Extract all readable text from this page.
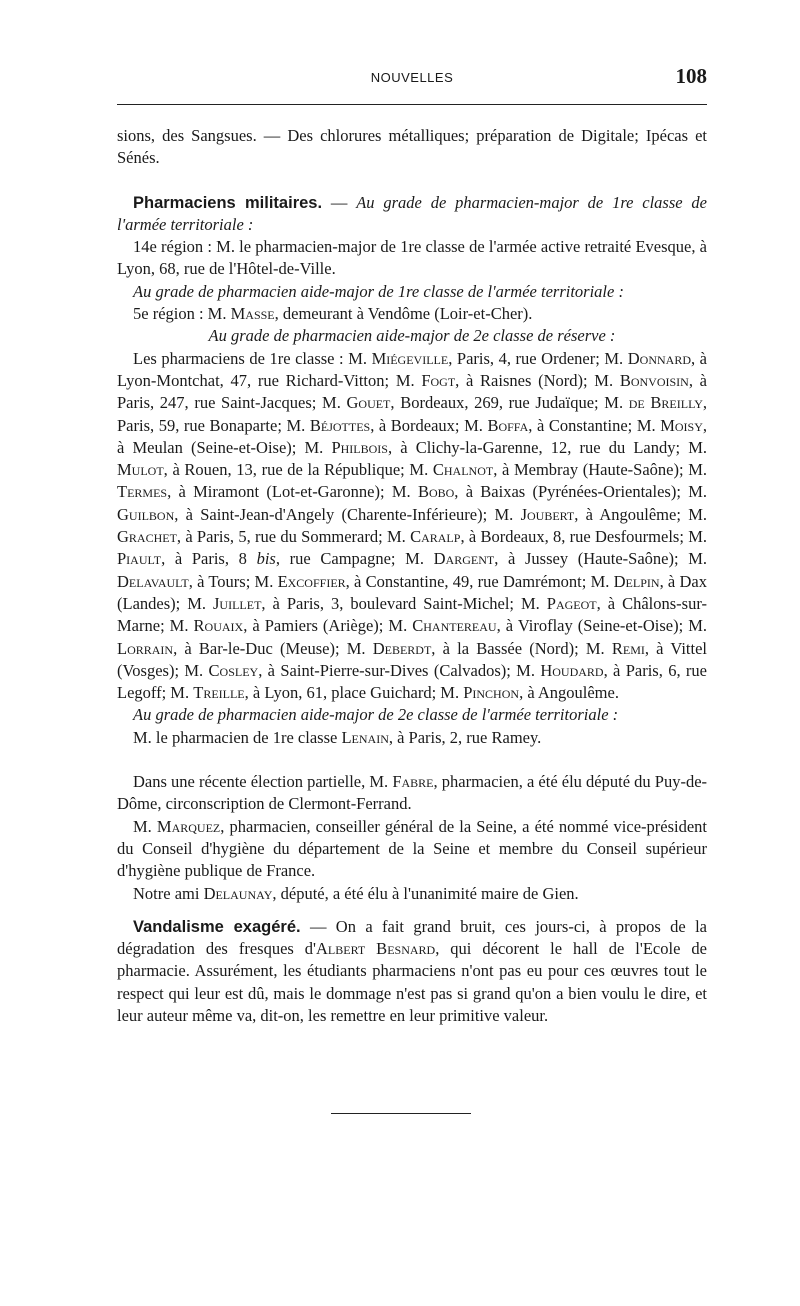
NOUVELLES	108

sions, des Sangsues. — Des chlorures métalliques; préparation de Digitale; Ipécas et Sénés.

Pharmaciens militaires. — Au grade de pharmacien-major de 1re classe de l'armée territoriale :

14e région : M. le pharmacien-major de 1re classe de l'armée active retraité Evesque, à Lyon, 68, rue de l'Hôtel-de-Ville.

Au grade de pharmacien aide-major de 1re classe de l'armée territoriale :

5e région : M. Masse, demeurant à Vendôme (Loir-et-Cher).

Au grade de pharmacien aide-major de 2e classe de réserve :

Les pharmaciens de 1re classe : M. Miégeville, Paris, 4, rue Ordener; M. Donnard, à Lyon-Montchat, 47, rue Richard-Vitton; M. Fogt, à Raisnes (Nord); M. Bonvoisin, à Paris, 247, rue Saint-Jacques; M. Gouet, Bordeaux, 269, rue Judaïque; M. de Breilly, Paris, 59, rue Bonaparte; M. Béjottes, à Bordeaux; M. Boffa, à Constantine; M. Moisy, à Meulan (Seine-et-Oise); M. Philbois, à Clichy-la-Garenne, 12, rue du Landy; M. Mulot, à Rouen, 13, rue de la République; M. Chalnot, à Membray (Haute-Saône); M. Termes, à Miramont (Lot-et-Garonne); M. Bobo, à Baixas (Pyrénées-Orientales); M. Guilbon, à Saint-Jean-d'Angely (Charente-Inférieure); M. Joubert, à Angoulême; M. Grachet, à Paris, 5, rue du Sommerard; M. Caralp, à Bordeaux, 8, rue Desfourmels; M. Piault, à Paris, 8 bis, rue Campagne; M. Dargent, à Jussey (Haute-Saône); M. Delavault, à Tours; M. Excoffier, à Constantine, 49, rue Damrémont; M. Delpin, à Dax (Landes); M. Juillet, à Paris, 3, boulevard Saint-Michel; M. Pageot, à Châlons-sur-Marne; M. Rouaix, à Pamiers (Ariège); M. Chantereau, à Viroflay (Seine-et-Oise); M. Lorrain, à Bar-le-Duc (Meuse); M. Deberdt, à la Bassée (Nord); M. Remi, à Vittel (Vosges); M. Cosley, à Saint-Pierre-sur-Dives (Calvados); M. Houdard, à Paris, 6, rue Legoff; M. Treille, à Lyon, 61, place Guichard; M. Pinchon, à Angoulême.

Au grade de pharmacien aide-major de 2e classe de l'armée territoriale :

M. le pharmacien de 1re classe Lenain, à Paris, 2, rue Ramey.

Dans une récente élection partielle, M. Fabre, pharmacien, a été élu député du Puy-de-Dôme, circonscription de Clermont-Ferrand.

M. Marquez, pharmacien, conseiller général de la Seine, a été nommé vice-président du Conseil d'hygiène du département de la Seine et membre du Conseil supérieur d'hygiène publique de France.

Notre ami Delaunay, député, a été élu à l'unanimité maire de Gien.

Vandalisme exagéré. — On a fait grand bruit, ces jours-ci, à propos de la dégradation des fresques d'Albert Besnard, qui décorent le hall de l'Ecole de pharmacie. Assurément, les étudiants pharmaciens n'ont pas eu pour ces œuvres tout le respect qui leur est dû, mais le dommage n'est pas si grand qu'on a bien voulu le dire, et leur auteur même va, dit-on, les remettre en leur primitive valeur.
